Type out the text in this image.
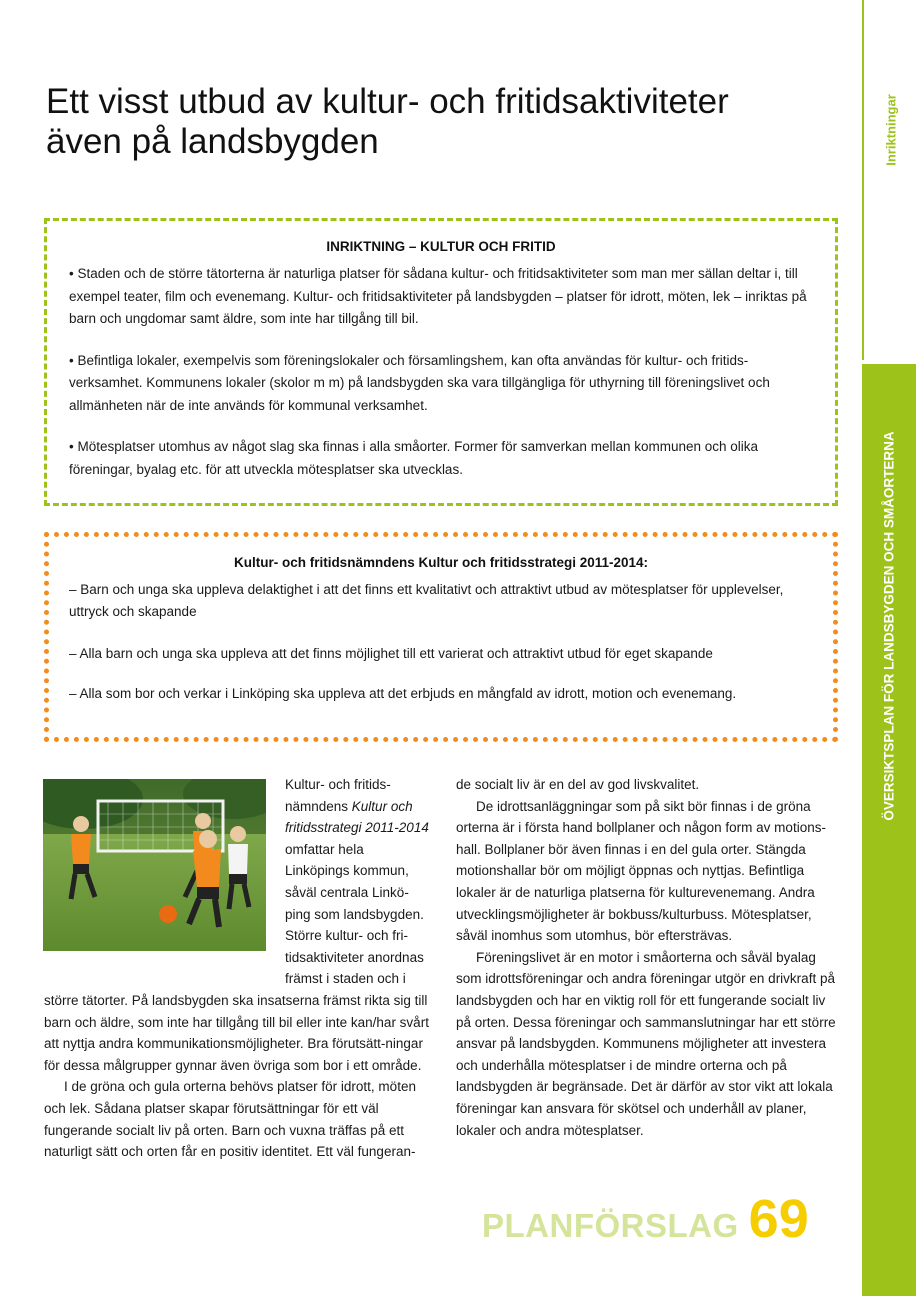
Ett visst utbud av kultur- och fritidsaktiviteter
även på landsbygden	Inriktningar
ÖVERSIKTSPLAN FÖR LANDSBYGDEN OCH SMÅORTERNA
INRIKTNING – KULTUR OCH FRITID

• Staden och de större tätorterna är naturliga platser för sådana kultur- och fritidsaktiviteter som man mer sällan deltar i, till exempel teater, film och evenemang. Kultur- och fritidsaktiviteter på landsbygden – platser för idrott, möten, lek – inriktas på barn och ungdomar samt äldre, som inte har tillgång till bil.

• Befintliga lokaler, exempelvis som föreningslokaler och församlingshem, kan ofta användas för kultur- och fritids-verksamhet. Kommunens lokaler (skolor m m) på landsbygden ska vara tillgängliga för uthyrning till föreningslivet och allmänheten när de inte används för kommunal verksamhet.

• Mötesplatser utomhus av något slag ska finnas i alla småorter. Former för samverkan mellan kommunen och olika föreningar, byalag etc. för att utveckla mötesplatser ska utvecklas.

Kultur- och fritidsnämndens Kultur och fritidsstrategi 2011-2014:

– Barn och unga ska uppleva delaktighet i att det finns ett kvalitativt och attraktivt utbud av mötesplatser för upplevelser, uttryck och skapande

– Alla barn och unga ska uppleva att det finns möjlighet till ett varierat och attraktivt utbud för eget skapande

– Alla som bor och verkar i Linköping ska uppleva att det erbjuds en mångfald av idrott, motion och evenemang.

Kultur- och fritids-nämndens Kultur och fritidsstrategi 2011-2014 omfattar hela Linköpings kommun, såväl centrala Linkö-ping som landsbygden. Större kultur- och fri-tidsaktiviteter anordnas främst i staden och i större tätorter. På landsbygden ska insatserna främst rikta sig till barn och äldre, som inte har tillgång till bil eller inte kan/har svårt att nyttja andra kommunikationsmöjligheter. Bra förutsätt-ningar för dessa målgrupper gynnar även övriga som bor i ett område.

I de gröna och gula orterna behövs platser för idrott, möten och lek. Sådana platser skapar förutsättningar för ett väl fungerande socialt liv på orten. Barn och vuxna träffas på ett naturligt sätt och orten får en positiv identitet. Ett väl fungeran-

de socialt liv är en del av god livskvalitet.

De idrottsanläggningar som på sikt bör finnas i de gröna orterna är i första hand bollplaner och någon form av motions-hall. Bollplaner bör även finnas i en del gula orter. Stängda motionshallar bör om möjligt öppnas och nyttjas. Befintliga lokaler är de naturliga platserna för kulturevenemang. Andra utvecklingsmöjligheter är bokbuss/kulturbuss. Mötesplatser, såväl inomhus som utomhus, bör eftersträvas.

Föreningslivet är en motor i småorterna och såväl byalag som idrottsföreningar och andra föreningar utgör en drivkraft på landsbygden och har en viktig roll för ett fungerande socialt liv på orten. Dessa föreningar och sammanslutningar har ett större ansvar på landsbygden. Kommunens möjligheter att investera och underhålla mötesplatser i de mindre orterna och på landsbygden är begränsade. Det är därför av stor vikt att lokala föreningar kan ansvara för skötsel och underhåll av planer, lokaler och andra mötesplatser.

PLANFÖRSLAG 69
